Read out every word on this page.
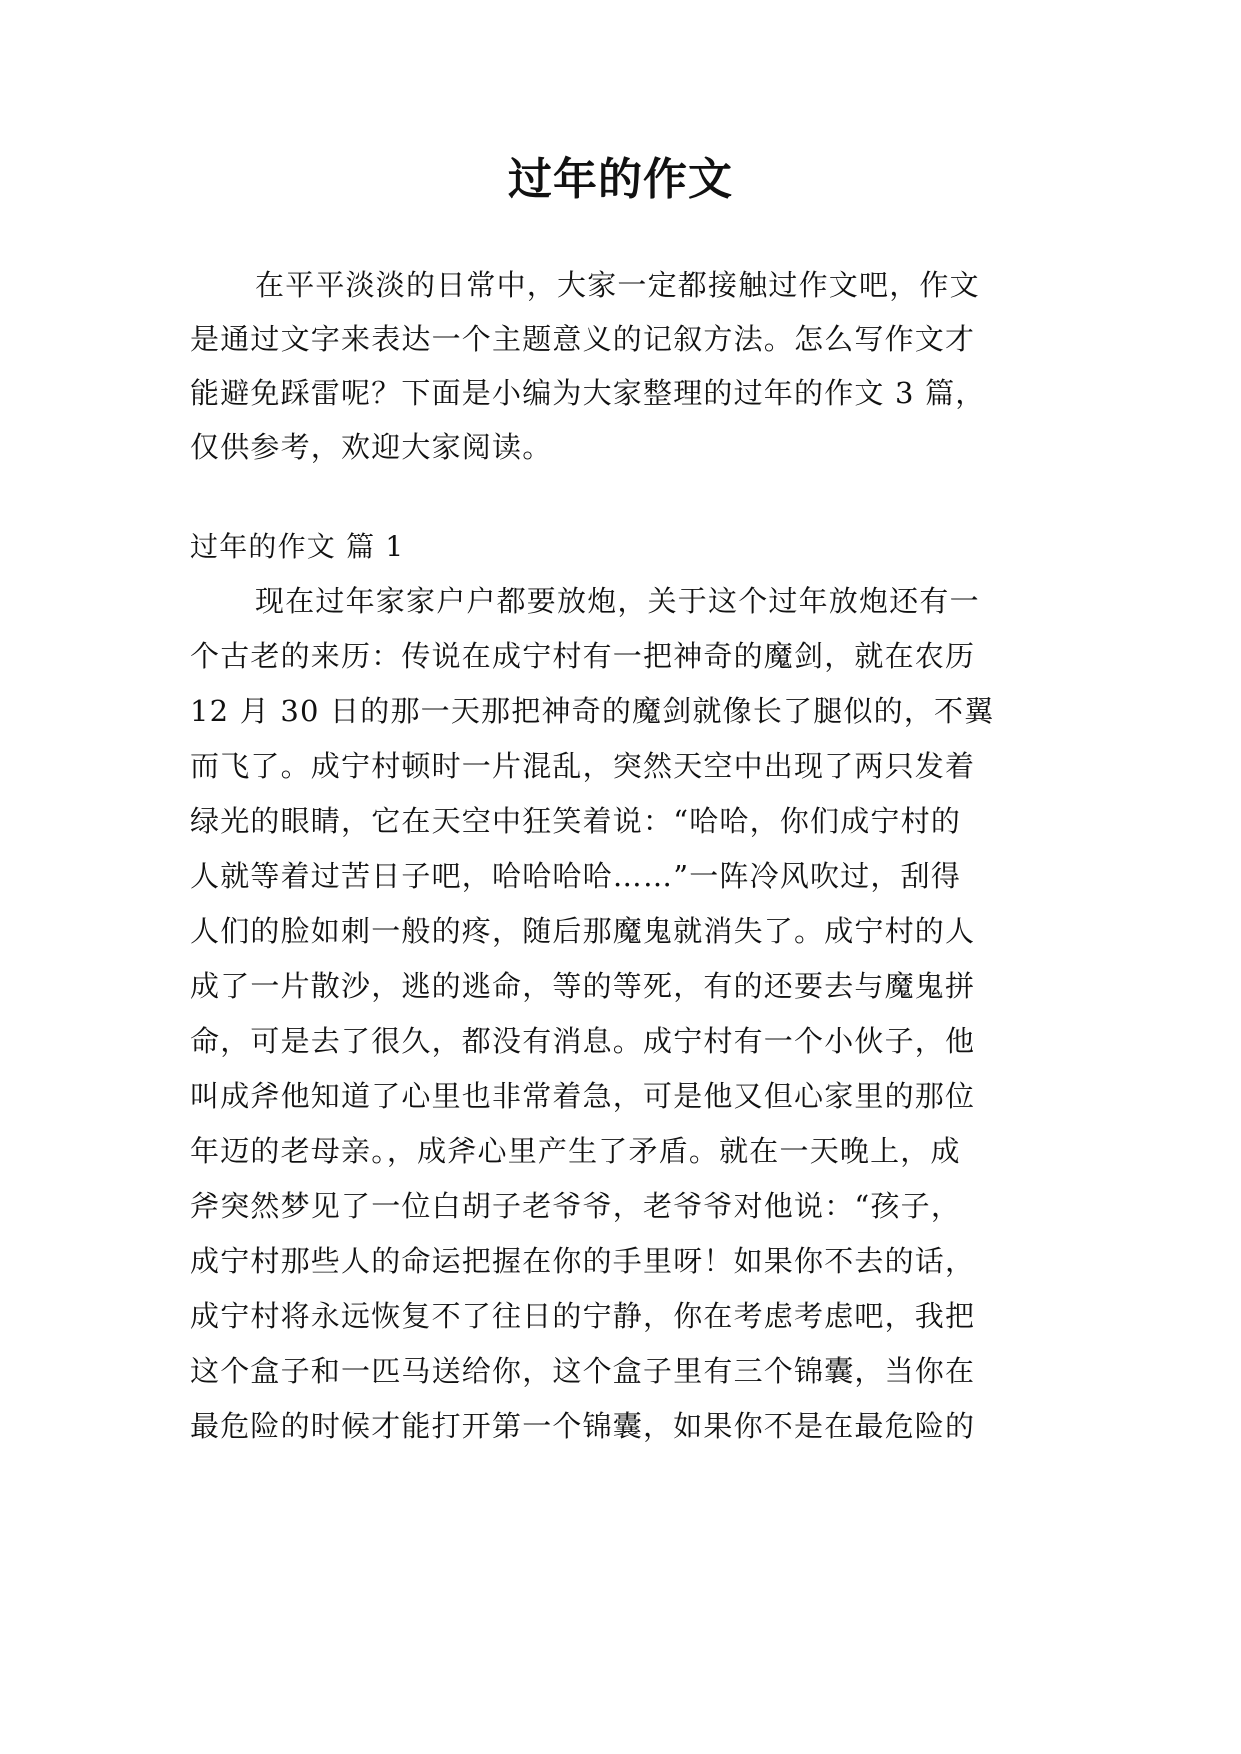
过年的作文
在平平淡淡的日常中，大家一定都接触过作文吧，作文
是通过文字来表达一个主题意义的记叙方法。怎么写作文才
能避免踩雷呢？下面是小编为大家整理的过年的作文 3 篇，
仅供参考，欢迎大家阅读。
过年的作文 篇 1
现在过年家家户户都要放炮，关于这个过年放炮还有一
个古老的来历：传说在成宁村有一把神奇的魔剑，就在农历
12 月 30 日的那一天那把神奇的魔剑就像长了腿似的，不翼
而飞了。成宁村顿时一片混乱，突然天空中出现了两只发着
绿光的眼睛，它在天空中狂笑着说：“哈哈，你们成宁村的
人就等着过苦日子吧，哈哈哈哈……”一阵冷风吹过，刮得
人们的脸如刺一般的疼，随后那魔鬼就消失了。成宁村的人
成了一片散沙，逃的逃命，等的等死，有的还要去与魔鬼拼
命，可是去了很久，都没有消息。成宁村有一个小伙子，他
叫成斧他知道了心里也非常着急，可是他又但心家里的那位
年迈的老母亲。，成斧心里产生了矛盾。就在一天晚上，成
斧突然梦见了一位白胡子老爷爷，老爷爷对他说：“孩子，
成宁村那些人的命运把握在你的手里呀！如果你不去的话，
成宁村将永远恢复不了往日的宁静，你在考虑考虑吧，我把
这个盒子和一匹马送给你，这个盒子里有三个锦囊，当你在
最危险的时候才能打开第一个锦囊，如果你不是在最危险的
